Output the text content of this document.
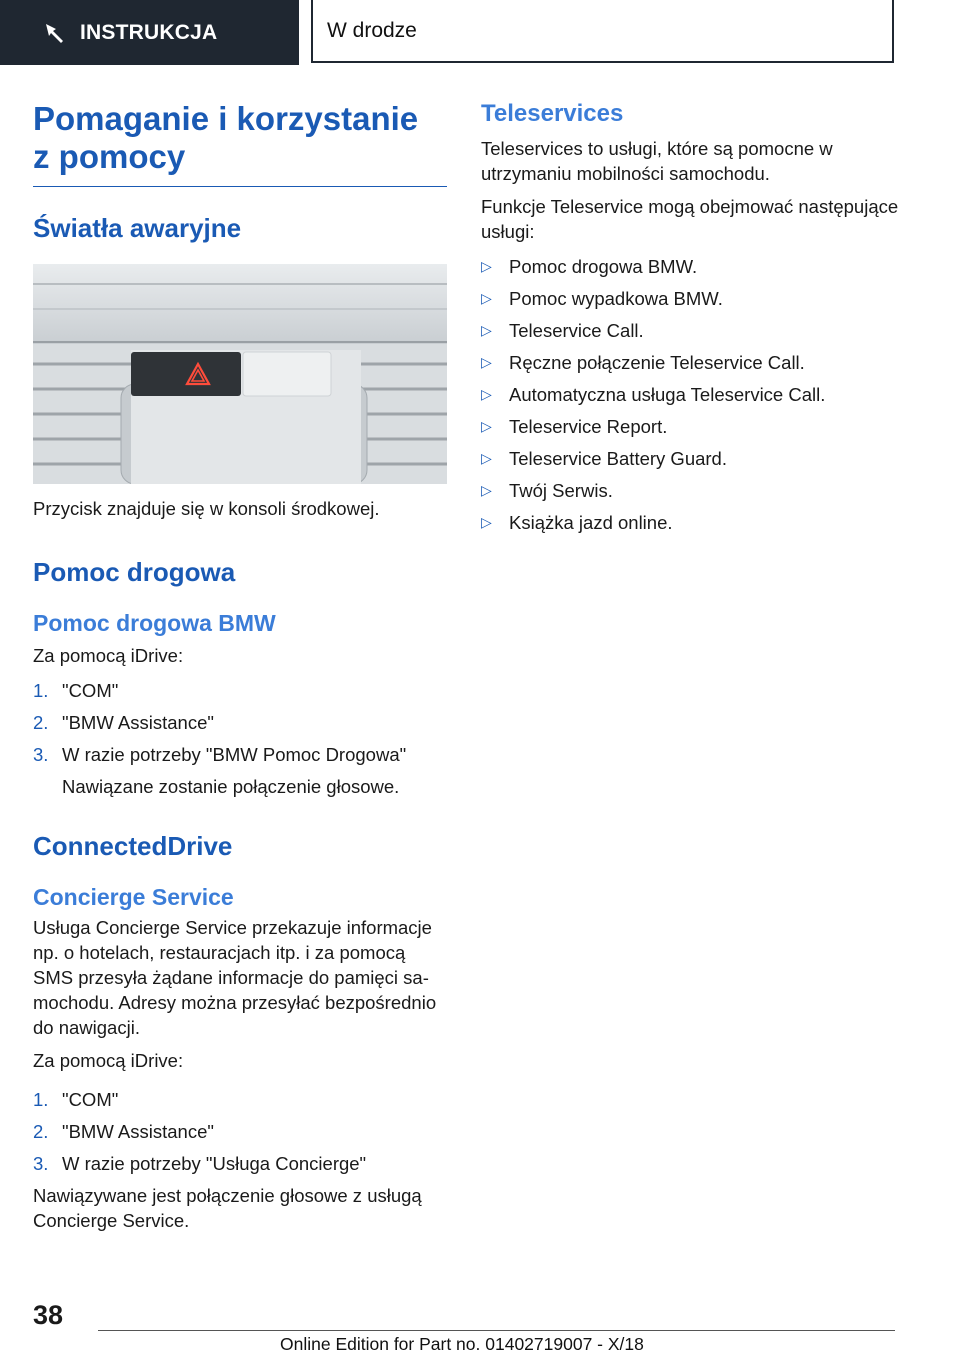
INSTRUKCJA	W drodze
Pomaganie i korzystanie
z pomocy
Światła awaryjne

Przycisk znajduje się w konsoli środkowej.

Pomoc drogowa
Pomoc drogowa BMW

Za pomocą iDrive:

1. "COM"
2. "BMW Assistance"
3. W razie potrzeby "BMW Pomoc Drogowa"

Nawiązane zostanie połączenie głosowe.

ConnectedDrive
Concierge Service

Usługa Concierge Service przekazuje informacje np. o hotelach, restauracjach itp. i za pomocą SMS przesyła żądane informacje do pamięci samochodu. Adresy można przesyłać bezpośrednio do nawigacji.

Za pomocą iDrive:

1. "COM"
2. "BMW Assistance"
3. W razie potrzeby "Usługa Concierge"

Nawiązywane jest połączenie głosowe z usługą Concierge Service.

Teleservices

Teleservices to usługi, które są pomocne w utrzymaniu mobilności samochodu.

Funkcje Teleservice mogą obejmować następujące usługi:

▷ Pomoc drogowa BMW.
▷ Pomoc wypadkowa BMW.
▷ Teleservice Call.
▷ Ręczne połączenie Teleservice Call.
▷ Automatyczna usługa Teleservice Call.
▷ Teleservice Report.
▷ Teleservice Battery Guard.
▷ Twój Serwis.
▷ Książka jazd online.
38
Online Edition for Part no. 01402719007 - X/18
